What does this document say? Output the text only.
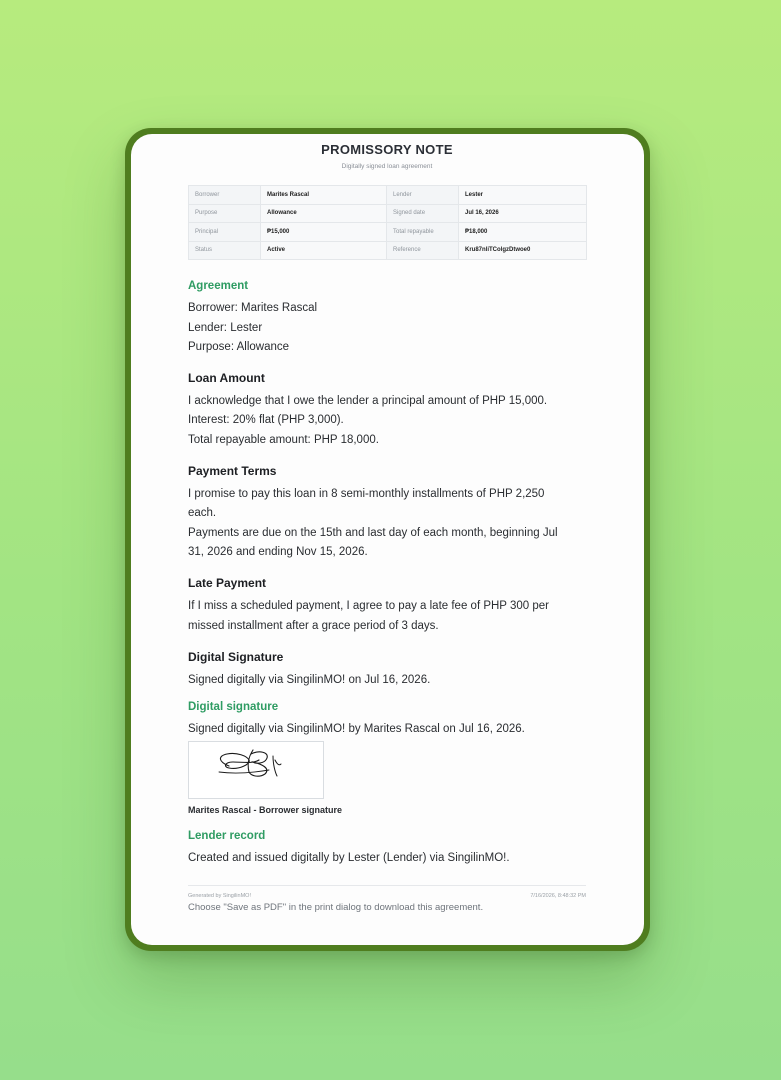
PROMISSORY NOTE
Digitally signed loan agreement
Borrower	Marites Rascal	Lender	Lester
Purpose	Allowance	Signed date	Jul 16, 2026
Principal	₱15,000	Total repayable	₱18,000
Status	Active	Reference	Kru87nliTColgzDtwoe0
Agreement
Borrower: Marites Rascal
Lender: Lester
Purpose: Allowance
Loan Amount
I acknowledge that I owe the lender a principal amount of PHP 15,000.
Interest: 20% flat (PHP 3,000).
Total repayable amount: PHP 18,000.
Payment Terms
I promise to pay this loan in 8 semi-monthly installments of PHP 2,250
each.
Payments are due on the 15th and last day of each month, beginning Jul
31, 2026 and ending Nov 15, 2026.
Late Payment
If I miss a scheduled payment, I agree to pay a late fee of PHP 300 per
missed installment after a grace period of 3 days.
Digital Signature
Signed digitally via SingilinMO! on Jul 16, 2026.
Digital signature
Signed digitally via SingilinMO! by Marites Rascal on Jul 16, 2026.
Marites Rascal - Borrower signature
Lender record
Created and issued digitally by Lester (Lender) via SingilinMO!.
Generated by SingilinMO!	7/16/2026, 8:48:32 PM
Choose "Save as PDF" in the print dialog to download this agreement.
